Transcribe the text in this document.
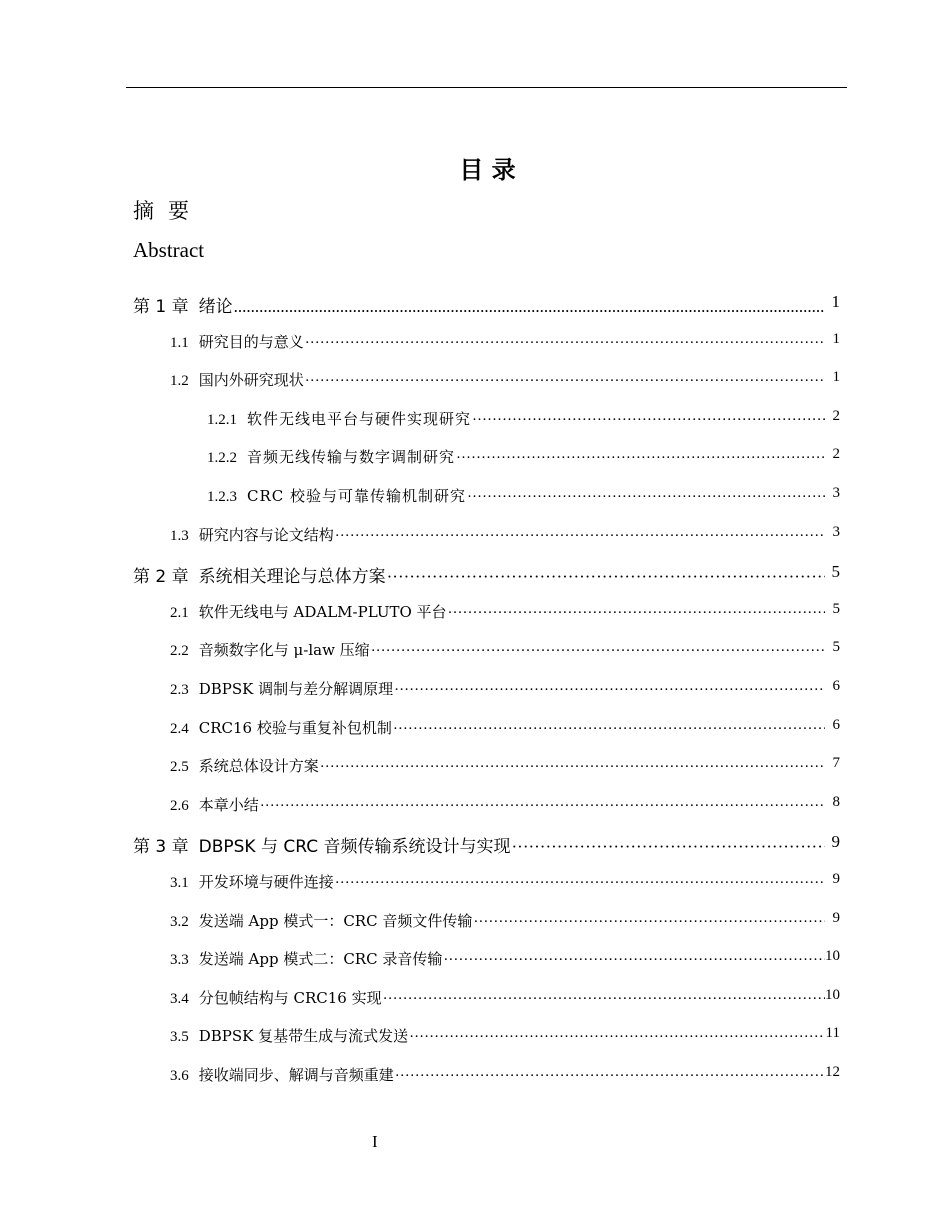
目 录
摘要
Abstract
第 1 章 绪论 .....	1
1.1 研究目的与意义 ·····	1
1.2 国内外研究现状 ·····	1
1.2.1 软件无线电平台与硬件实现研究 ·····	2
1.2.2 音频无线传输与数字调制研究 ·····	2
1.2.3 CRC 校验与可靠传输机制研究 ·····	3
1.3 研究内容与论文结构 ·····	3
第 2 章 系统相关理论与总体方案 ·····	5
2.1 软件无线电与 ADALM-PLUTO 平台 ·····	5
2.2 音频数字化与 μ-law 压缩 ·····	5
2.3 DBPSK 调制与差分解调原理 ·····	6
2.4 CRC16 校验与重复补包机制 ·····	6
2.5 系统总体设计方案 ·····	7
2.6 本章小结 ·····	8
第 3 章 DBPSK 与 CRC 音频传输系统设计与实现 ·····	9
3.1 开发环境与硬件连接 ·····	9
3.2 发送端 App 模式一：CRC 音频文件传输 ·····	9
3.3 发送端 App 模式二：CRC 录音传输 ·····	10
3.4 分包帧结构与 CRC16 实现 ·····	10
3.5 DBPSK 复基带生成与流式发送 ·····	11
3.6 接收端同步、解调与音频重建 ·····	12
I
